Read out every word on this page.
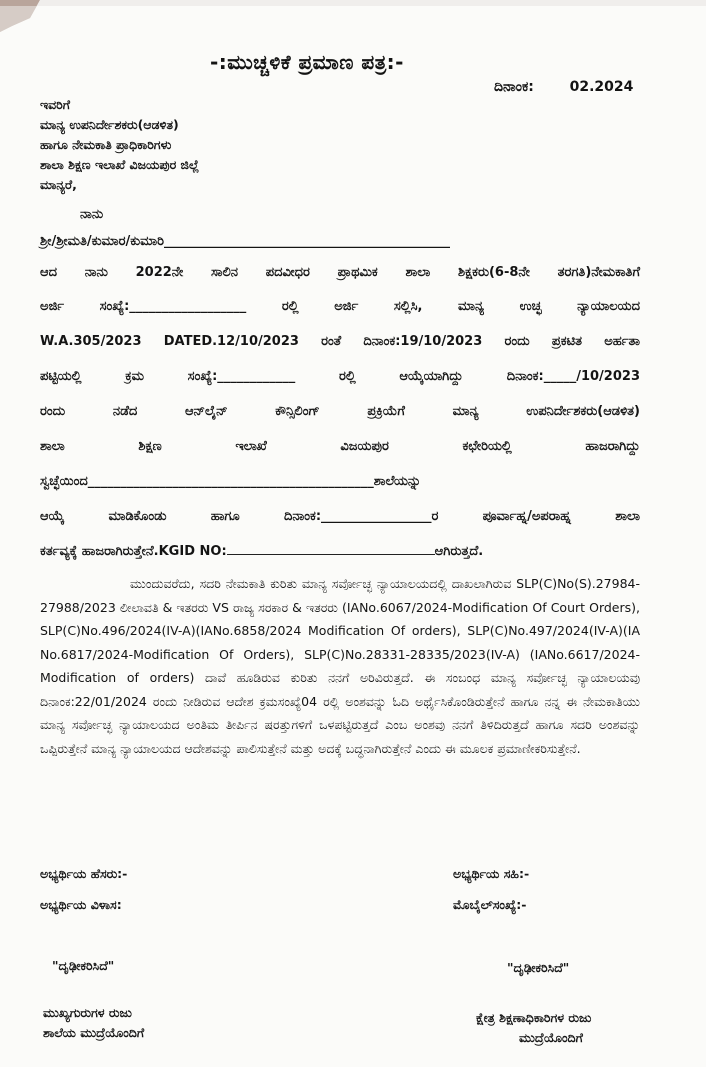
-:ಮುಚ್ಚಳಿಕೆ ಪ್ರಮಾಣ ಪತ್ರ:-
ದಿನಾಂಕ:	02.2024
ಇವರಿಗೆ
ಮಾನ್ಯ ಉಪನಿರ್ದೇಶಕರು(ಆಡಳಿತ)
ಹಾಗೂ ನೇಮಕಾತಿ ಪ್ರಾಧಿಕಾರಿಗಳು
ಶಾಲಾ ಶಿಕ್ಷಣ ಇಲಾಖೆ ವಿಜಯಪುರ ಜಿಲ್ಲೆ
ಮಾನ್ಯರೆ,
ನಾನು
ಶ್ರೀ/ಶ್ರೀಮತಿ/ಕುಮಾರ/ಕುಮಾರಿ____________________________________________
ಆದ ನಾನು 2022ನೇ ಸಾಲಿನ ಪದವೀಧರ ಪ್ರಾಥಮಿಕ ಶಾಲಾ ಶಿಕ್ಷಕರು(6-8ನೇ ತರಗತಿ)ನೇಮಕಾತಿಗೆ
ಅರ್ಜಿ ಸಂಖ್ಯೆ:__________________ ರಲ್ಲಿ ಅರ್ಜಿ ಸಲ್ಲಿಸಿ, ಮಾನ್ಯ ಉಚ್ಛ ನ್ಯಾಯಾಲಯದ
W.A.305/2023 DATED.12/10/2023 ರಂತೆ ದಿನಾಂಕ:19/10/2023 ರಂದು ಪ್ರಕಟಿತ ಅರ್ಹತಾ
ಪಟ್ಟಿಯಲ್ಲಿ ಕ್ರಮ ಸಂಖ್ಯೆ:____________ ರಲ್ಲಿ ಆಯ್ಕೆಯಾಗಿದ್ದು ದಿನಾಂಕ:_____/10/2023
ರಂದು ನಡೆದ ಆನ್‌ಲೈನ್ ಕೌನ್ಸಿಲಿಂಗ್ ಪ್ರಕ್ರಿಯೆಗೆ ಮಾನ್ಯ ಉಪನಿರ್ದೇಶಕರು(ಆಡಳಿತ)
ಶಾಲಾ ಶಿಕ್ಷಣ ಇಲಾಖೆ ವಿಜಯಪುರ ಕಛೇರಿಯಲ್ಲಿ ಹಾಜರಾಗಿದ್ದು
ಸ್ವಚ್ಛೆಯಿಂದ____________________________________________ಶಾಲೆಯನ್ನು
ಆಯ್ಕೆ ಮಾಡಿಕೊಂಡು ಹಾಗೂ ದಿನಾಂಕ:_________________ರ ಪೂರ್ವಾಹ್ನ/ಅಪರಾಹ್ನ ಶಾಲಾ
ಕರ್ತವ್ಯಕ್ಕೆ ಹಾಜರಾಗಿರುತ್ತೇನೆ.KGID NO:	ಆಗಿರುತ್ತದೆ.
ಮುಂದುವರೆದು, ಸದರಿ ನೇಮಕಾತಿ ಕುರಿತು ಮಾನ್ಯ ಸರ್ವೋಚ್ಛ ನ್ಯಾಯಾಲಯದಲ್ಲಿ ದಾಖಲಾಗಿರುವ SLP(C)No(S).27984-27988/2023 ಲೀಲಾವತಿ & ಇತರರು VS ರಾಜ್ಯ ಸರಕಾರ & ಇತರರು (IANo.6067/2024-Modification Of Court Orders), SLP(C)No.496/2024(IV-A)(IANo.6858/2024 Modification Of orders), SLP(C)No.497/2024(IV-A)(IA No.6817/2024-Modification Of Orders), SLP(C)No.28331-28335/2023(IV-A) (IANo.6617/2024-Modification of orders) ದಾವೆ ಹೂಡಿರುವ ಕುರಿತು ನನಗೆ ಅರಿವಿರುತ್ತದೆ. ಈ ಸಂಬಂಧ ಮಾನ್ಯ ಸರ್ವೋಚ್ಛ ನ್ಯಾಯಾಲಯವು ದಿನಾಂಕ:22/01/2024 ರಂದು ನೀಡಿರುವ ಆದೇಶ ಕ್ರಮಸಂಖ್ಯೆ04 ರಲ್ಲಿ ಅಂಶವನ್ನು ಓದಿ ಅರ್ಥೈಸಿಕೊಂಡಿರುತ್ತೇನೆ ಹಾಗೂ ನನ್ನ ಈ ನೇಮಕಾತಿಯು ಮಾನ್ಯ ಸರ್ವೋಚ್ಛ ನ್ಯಾಯಾಲಯದ ಅಂತಿಮ ತೀರ್ಪಿನ ಷರತ್ತುಗಳಿಗೆ ಒಳಪಟ್ಟಿರುತ್ತದೆ ಎಂಬ ಅಂಶವು ನನಗೆ ತಿಳಿದಿರುತ್ತದೆ ಹಾಗೂ ಸದರಿ ಅಂಶವನ್ನು ಒಪ್ಪಿರುತ್ತೇನೆ ಮಾನ್ಯ ನ್ಯಾಯಾಲಯದ ಆದೇಶವನ್ನು ಪಾಲಿಸುತ್ತೇನೆ ಮತ್ತು ಅದಕ್ಕೆ ಬದ್ಧನಾಗಿರುತ್ತೇನೆ ಎಂದು ಈ ಮೂಲಕ ಪ್ರಮಾಣೀಕರಿಸುತ್ತೇನೆ.
ಅಭ್ಯರ್ಥಿಯ ಹೆಸರು:-	ಅಭ್ಯರ್ಥಿಯ ಸಹಿ:-
ಅಭ್ಯರ್ಥಿಯ ವಿಳಾಸ:	ಮೊಬೈಲ್‌ಸಂಖ್ಯೆ:-
"ದೃಢೀಕರಿಸಿದೆ"	"ದೃಢೀಕರಿಸಿದೆ"
ಮುಖ್ಯಗುರುಗಳ ರುಜು
ಶಾಲೆಯ ಮುದ್ರೆಯೊಂದಿಗೆ
ಕ್ಷೇತ್ರ ಶಿಕ್ಷಣಾಧಿಕಾರಿಗಳ ರುಜು
ಮುದ್ರೆಯೊಂದಿಗೆ
